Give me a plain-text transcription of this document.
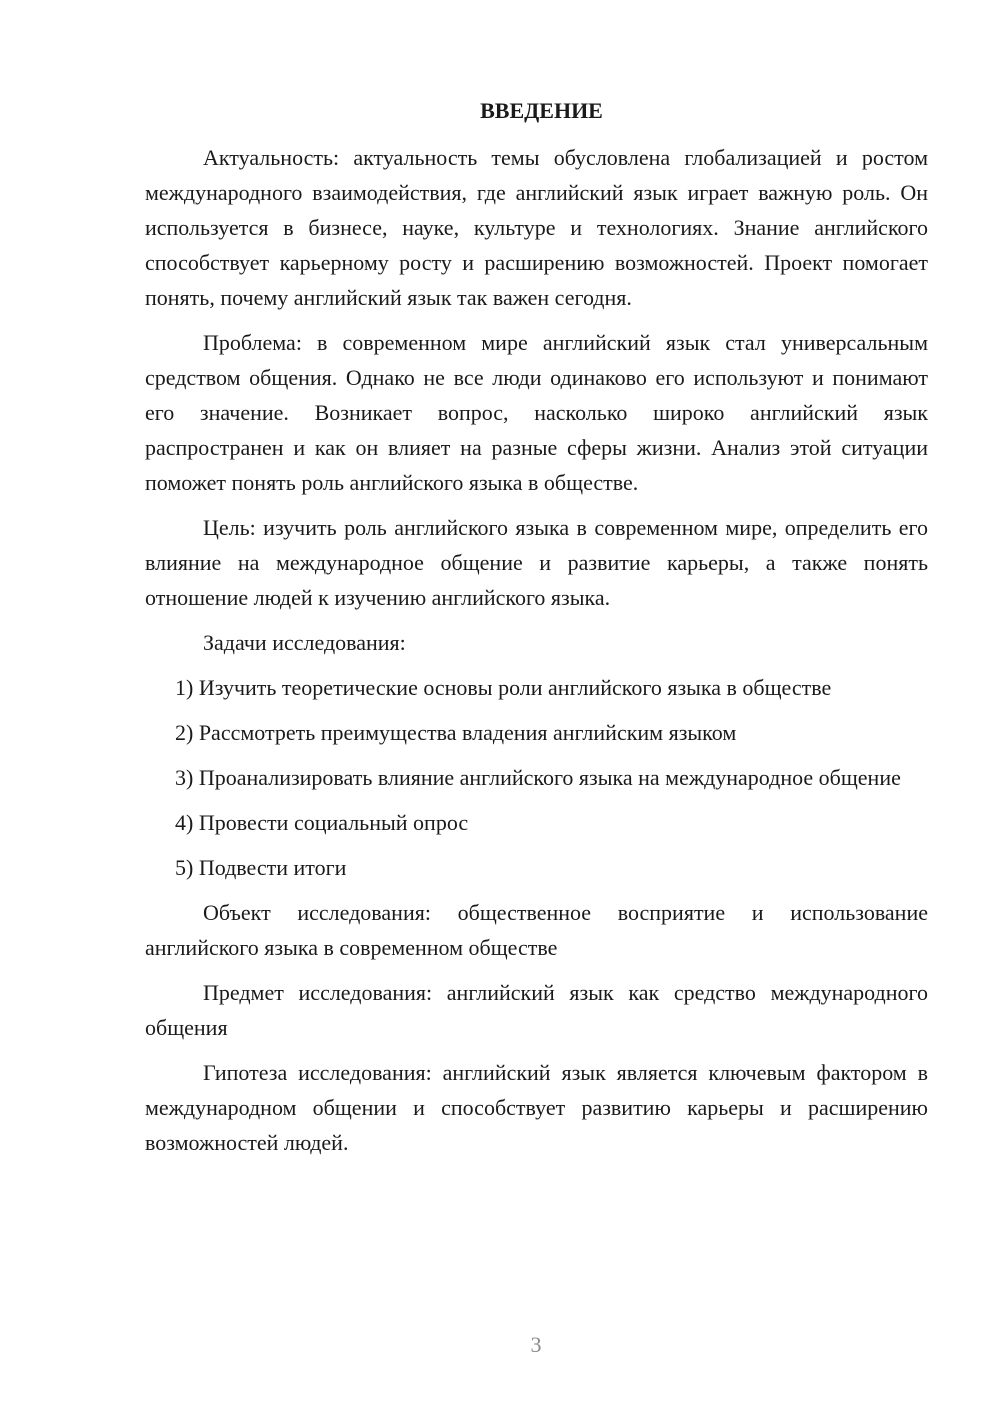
ВВЕДЕНИЕ

Актуальность: актуальность темы обусловлена глобализацией и ростом международного взаимодействия, где английский язык играет важную роль. Он используется в бизнесе, науке, культуре и технологиях. Знание английского способствует карьерному росту и расширению возможностей. Проект помогает понять, почему английский язык так важен сегодня.

Проблема: в современном мире английский язык стал универсальным средством общения. Однако не все люди одинаково его используют и понимают его значение. Возникает вопрос, насколько широко английский язык распространен и как он влияет на разные сферы жизни. Анализ этой ситуации поможет понять роль английского языка в обществе.

Цель: изучить роль английского языка в современном мире, определить его влияние на международное общение и развитие карьеры, а также понять отношение людей к изучению английского языка.

Задачи исследования:

1) Изучить теоретические основы роли английского языка в обществе

2) Рассмотреть преимущества владения английским языком

3) Проанализировать влияние английского языка на международное общение

4) Провести социальный опрос

5) Подвести итоги

Объект исследования: общественное восприятие и использование английского языка в современном обществе

Предмет исследования: английский язык как средство международного общения

Гипотеза исследования: английский язык является ключевым фактором в международном общении и способствует развитию карьеры и расширению возможностей людей.

3
